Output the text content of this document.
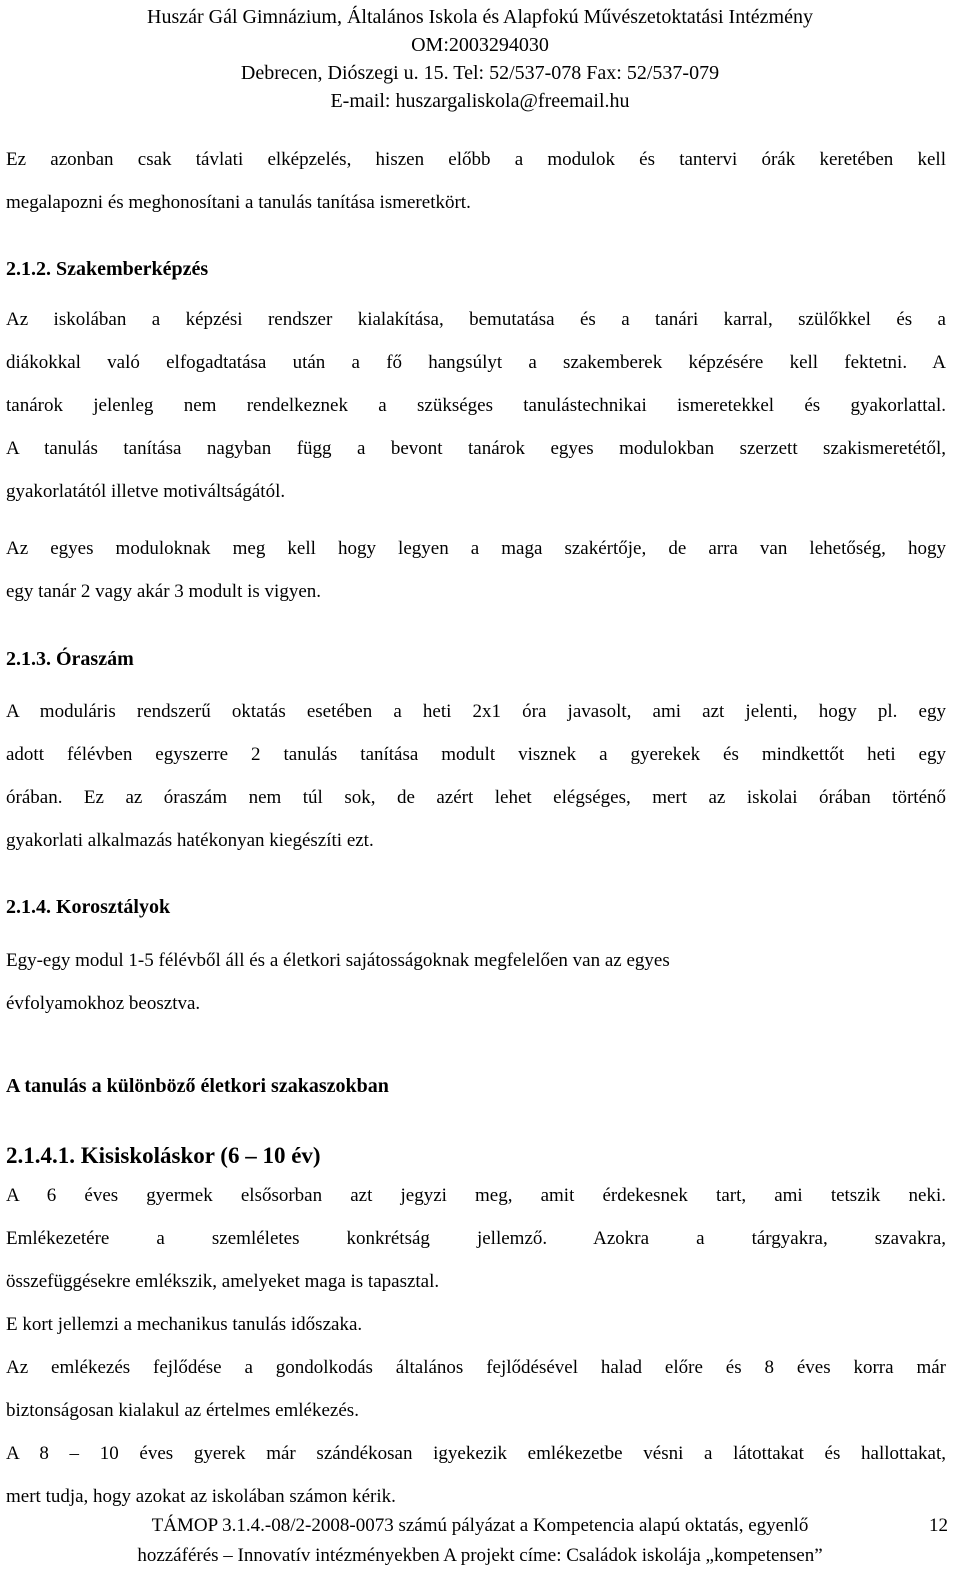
Huszár Gál Gimnázium, Általános Iskola és Alapfokú Művészetoktatási Intézmény
OM:2003294030
Debrecen, Diószegi u. 15. Tel: 52/537-078 Fax: 52/537-079
E-mail: huszargaliskola@freemail.hu
Ez azonban csak távlati elképzelés, hiszen előbb a modulok és tantervi órák keretében kell
megalapozni és meghonosítani a tanulás tanítása ismeretkört.
2.1.2. Szakemberképzés
Az iskolában a képzési rendszer kialakítása, bemutatása és a tanári karral, szülőkkel és a
diákokkal való elfogadtatása után a fő hangsúlyt a szakemberek képzésére kell fektetni. A
tanárok jelenleg nem rendelkeznek a szükséges tanulástechnikai ismeretekkel és gyakorlattal.
A tanulás tanítása nagyban függ a bevont tanárok egyes modulokban szerzett szakismeretétől,
gyakorlatától illetve motiváltságától.
Az egyes moduloknak meg kell hogy legyen a maga szakértője, de arra van lehetőség, hogy
egy tanár 2 vagy akár 3 modult is vigyen.
2.1.3. Óraszám
A moduláris rendszerű oktatás esetében a heti 2x1 óra javasolt, ami azt jelenti, hogy pl. egy
adott félévben egyszerre 2 tanulás tanítása modult visznek a gyerekek és mindkettőt heti egy
órában. Ez az óraszám nem túl sok, de azért lehet elégséges, mert az iskolai órában történő
gyakorlati alkalmazás hatékonyan kiegészíti ezt.
2.1.4. Korosztályok
Egy-egy modul 1-5 félévből áll és a életkori sajátosságoknak megfelelően van az egyes
évfolyamokhoz beosztva.
A tanulás a különböző életkori szakaszokban
2.1.4.1. Kisiskoláskor (6 – 10 év)
A 6 éves gyermek elsősorban azt jegyzi meg, amit érdekesnek tart, ami tetszik neki.
Emlékezetére a szemléletes konkrétság jellemző. Azokra a tárgyakra, szavakra,
összefüggésekre emlékszik, amelyeket maga is tapasztal.
E kort jellemzi a mechanikus tanulás időszaka.
Az emlékezés fejlődése a gondolkodás általános fejlődésével halad előre és 8 éves korra már
biztonságosan kialakul az értelmes emlékezés.
A 8 – 10 éves gyerek már szándékosan igyekezik emlékezetbe vésni a látottakat és hallottakat,
mert tudja, hogy azokat az iskolában számon kérik.
TÁMOP 3.1.4.-08/2-2008-0073 számú pályázat a Kompetencia alapú oktatás, egyenlő	12
hozzáférés – Innovatív intézményekben A projekt címe: Családok iskolája „kompetensen”
